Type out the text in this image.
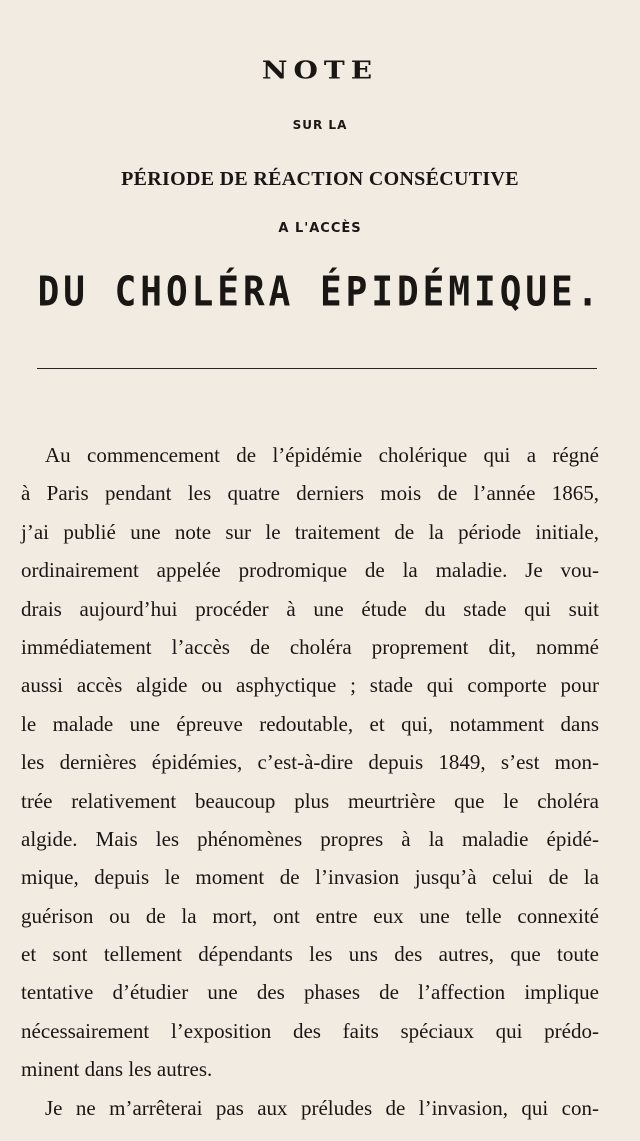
NOTE
SUR LA
PÉRIODE DE RÉACTION CONSÉCUTIVE
A L'ACCÈS
DU CHOLÉRA ÉPIDÉMIQUE.
Au commencement de l’épidémie cholérique qui a régné
à Paris pendant les quatre derniers mois de l’année 1865,
j’ai publié une note sur le traitement de la période initiale,
ordinairement appelée prodromique de la maladie. Je vou-
drais aujourd’hui procéder à une étude du stade qui suit
immédiatement l’accès de choléra proprement dit, nommé
aussi accès algide ou asphyctique ; stade qui comporte pour
le malade une épreuve redoutable, et qui, notamment dans
les dernières épidémies, c’est-à-dire depuis 1849, s’est mon-
trée relativement beaucoup plus meurtrière que le choléra
algide. Mais les phénomènes propres à la maladie épidé-
mique, depuis le moment de l’invasion jusqu’à celui de la
guérison ou de la mort, ont entre eux une telle connexité
et sont tellement dépendants les uns des autres, que toute
tentative d’étudier une des phases de l’affection implique
nécessairement l’exposition des faits spéciaux qui prédo-
minent dans les autres.
Je ne m’arrêterai pas aux préludes de l’invasion, qui con-
